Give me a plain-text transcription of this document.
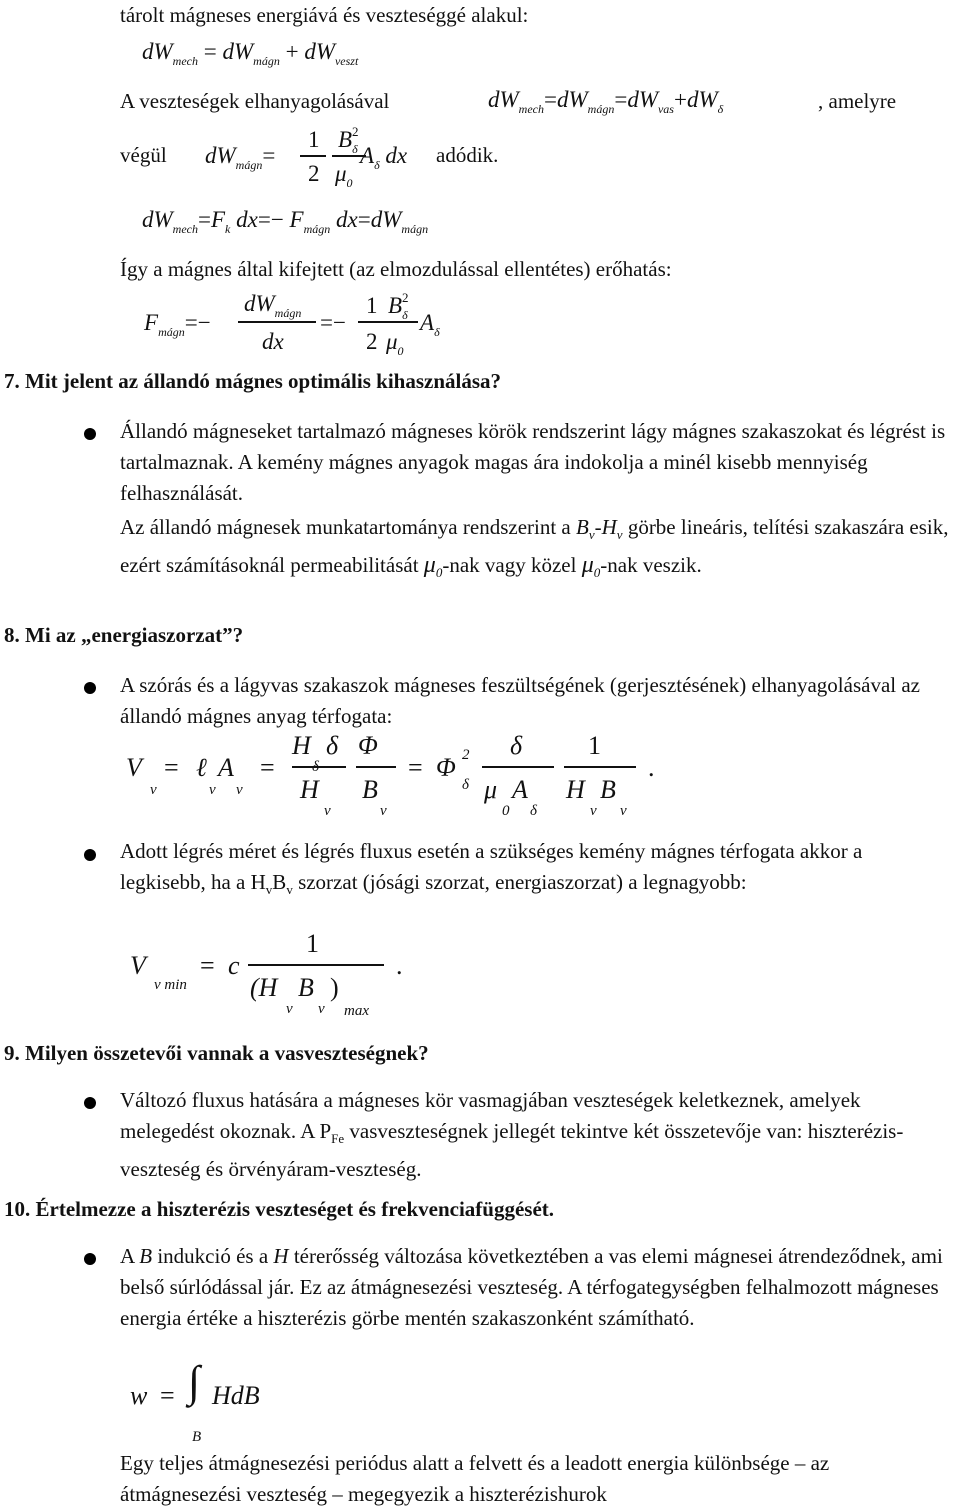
tárolt mágneses energiává és veszteséggé alakul:
$dW_{mech} = dW_{mágn} + dW_{veszt}$
A veszteségek elhanyagolásával	$dW_{mech}=dW_{mágn}=dW_{vas}+dW_\delta$	, amelyre
végül $dW_{mágn}=$
1
2
$B_\delta$
2
$\mu_0$
$A_\delta$ dx adódik.
$dW_{mech}=F_k$ $dx=- F_{mágn}$ $dx=dW_{mágn}$
Így a mágnes által kifejtett (az elmozdulással ellentétes) erőhatás:
$F_{mágn}=-$
$dW_{mágn}$
dx
=−
1
2
$B_\delta$
2
$\mu_0$
$A_\delta$
7. Mit jelent az állandó mágnes optimális kihasználása?
Állandó mágneseket tartalmazó mágneses körök rendszerint lágy mágnes szakaszokat és légrést is tartalmaznak. A kemény mágnes anyagok magas ára indokolja a minél kisebb mennyiség felhasználását.
Az állandó mágnesek munkatartománya rendszerint a $B_v-H_v$ görbe lineáris, telítési szakaszára esik, ezért számításoknál permeabilitását $\mu_0$-nak vagy közel $\mu_0$-nak veszik.
8. Mi az „energiaszorzat”?
A szórás és a lágyvas szakaszok mágneses feszültségének (gerjesztésének) elhanyagolásával az állandó mágnes anyag térfogata:
V
v
= ℓ
v
A
v
=
H
δ
δ
H
v
Φ
B
v
= Φ 2
δ
δ
μ
0
A
δ
1
H
v
B
v
.
Adott légrés méret és légrés fluxus esetén a szükséges kemény mágnes térfogata akkor a legkisebb, ha a $H_vB_v$ szorzat (jósági szorzat, energiaszorzat) a legnagyobb:
V
v min
= c
1
(H
v
B
v
)
max
.
9. Milyen összetevői vannak a vasveszteségnek?
Változó fluxus hatására a mágneses kör vasmagjában veszteségek keletkeznek, amelyek melegedést okoznak. A $P_{Fe}$ vasveszteségnek jellegét tekintve két összetevője van: hiszterézis-veszteség és örvényáram-veszteség.
10. Értelmezze a hiszterézis veszteséget és frekvenciafüggését.
A B indukció és a H térerősség változása következtében a vas elemi mágnesei átrendeződnek, ami belső súrlódással jár. Ez az átmágnesezési veszteség. A térfogategységben felhalmozott mágneses energia értéke a hiszterézis görbe mentén szakaszonként számítható.
w = ∫ HdB
B
Egy teljes átmágnesezési periódus alatt a felvett és a leadott energia különbsége – az átmágnesezési veszteség – megegyezik a hiszterézishurok
